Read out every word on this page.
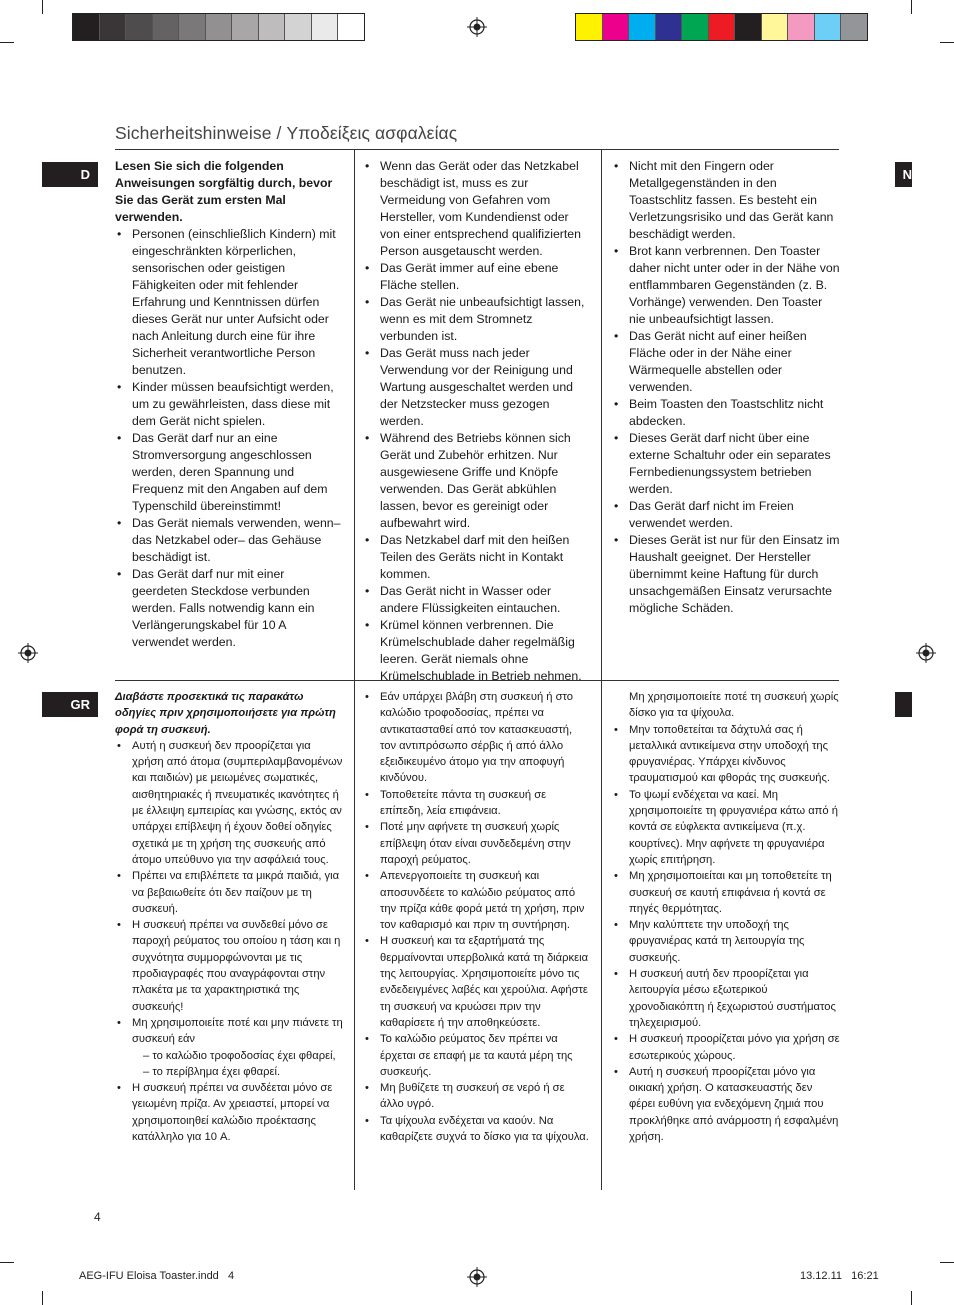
Sicherheitshinweise / Υποδείξεις ασφαλείας
D	N
GR

Lesen Sie sich die folgenden Anweisungen sorgfältig durch, bevor Sie das Gerät zum ersten Mal verwenden.

• Personen (einschließlich Kindern) mit eingeschränkten körperlichen, sensorischen oder geistigen Fähigkeiten oder mit fehlender Erfahrung und Kenntnissen dürfen dieses Gerät nur unter Aufsicht oder nach Anleitung durch eine für ihre Sicherheit verantwortliche Person benutzen.
• Kinder müssen beaufsichtigt werden, um zu gewährleisten, dass diese mit dem Gerät nicht spielen.
• Das Gerät darf nur an eine Stromversorgung angeschlossen werden, deren Spannung und Frequenz mit den Angaben auf dem Typenschild übereinstimmt!
• Das Gerät niemals verwenden, wenn– das Netzkabel oder– das Gehäuse beschädigt ist.
• Das Gerät darf nur mit einer geerdeten Steckdose verbunden werden. Falls notwendig kann ein Verlängerungskabel für 10 A verwendet werden.
• Wenn das Gerät oder das Netzkabel beschädigt ist, muss es zur Vermeidung von Gefahren vom Hersteller, vom Kundendienst oder von einer entsprechend qualifizierten Person ausgetauscht werden.
• Das Gerät immer auf eine ebene Fläche stellen.
• Das Gerät nie unbeaufsichtigt lassen, wenn es mit dem Stromnetz verbunden ist.
• Das Gerät muss nach jeder Verwendung vor der Reinigung und Wartung ausgeschaltet werden und der Netzstecker muss gezogen werden.
• Während des Betriebs können sich Gerät und Zubehör erhitzen. Nur ausgewiesene Griffe und Knöpfe verwenden. Das Gerät abkühlen lassen, bevor es gereinigt oder aufbewahrt wird.
• Das Netzkabel darf mit den heißen Teilen des Geräts nicht in Kontakt kommen.
• Das Gerät nicht in Wasser oder andere Flüssigkeiten eintauchen.
• Krümel können verbrennen. Die Krümelschublade daher regelmäßig leeren. Gerät niemals ohne Krümelschublade in Betrieb nehmen.
• Nicht mit den Fingern oder Metallgegenständen in den Toastschlitz fassen. Es besteht ein Verletzungsrisiko und das Gerät kann beschädigt werden.
• Brot kann verbrennen. Den Toaster daher nicht unter oder in der Nähe von entflammbaren Gegenständen (z. B. Vorhänge) verwenden. Den Toaster nie unbeaufsichtigt lassen.
• Das Gerät nicht auf einer heißen Fläche oder in der Nähe einer Wärmequelle abstellen oder verwenden.
• Beim Toasten den Toastschlitz nicht abdecken.
• Dieses Gerät darf nicht über eine externe Schaltuhr oder ein separates Fernbedienungssystem betrieben werden.
• Das Gerät darf nicht im Freien verwendet werden.
• Dieses Gerät ist nur für den Einsatz im Haushalt geeignet. Der Hersteller übernimmt keine Haftung für durch unsachgemäßen Einsatz verursachte mögliche Schäden.

Διαβάστε προσεκτικά τις παρακάτω οδηγίες πριν χρησιμοποιήσετε για πρώτη φορά τη συσκευή.

• Αυτή η συσκευή δεν προορίζεται για χρήση από άτομα (συμπεριλαμβανομένων και παιδιών) με μειωμένες σωματικές, αισθητηριακές ή πνευματικές ικανότητες ή με έλλειψη εμπειρίας και γνώσης, εκτός αν υπάρχει επίβλεψη ή έχουν δοθεί οδηγίες σχετικά με τη χρήση της συσκευής από άτομο υπεύθυνο για την ασφάλειά τους.
• Πρέπει να επιβλέπετε τα μικρά παιδιά, για να βεβαιωθείτε ότι δεν παίζουν με τη συσκευή.
• Η συσκευή πρέπει να συνδεθεί μόνο σε παροχή ρεύματος του οποίου η τάση και η συχνότητα συμμορφώνονται με τις προδιαγραφές που αναγράφονται στην πλακέτα με τα χαρακτηριστικά της συσκευής!
• Μη χρησιμοποιείτε ποτέ και μην πιάνετε τη συσκευή εάν
– το καλώδιο τροφοδοσίας έχει φθαρεί,
– το περίβλημα έχει φθαρεί.
• Η συσκευή πρέπει να συνδέεται μόνο σε γειωμένη πρίζα. Αν χρειαστεί, μπορεί να χρησιμοποιηθεί καλώδιο προέκτασης κατάλληλο για 10 A.
• Εάν υπάρχει βλάβη στη συσκευή ή στο καλώδιο τροφοδοσίας, πρέπει να αντικατασταθεί από τον κατασκευαστή, τον αντιπρόσωπο σέρβις ή από άλλο εξειδικευμένο άτομο για την αποφυγή κινδύνου.
• Τοποθετείτε πάντα τη συσκευή σε επίπεδη, λεία επιφάνεια.
• Ποτέ μην αφήνετε τη συσκευή χωρίς επίβλεψη όταν είναι συνδεδεμένη στην παροχή ρεύματος.
• Απενεργοποιείτε τη συσκευή και αποσυνδέετε το καλώδιο ρεύματος από την πρίζα κάθε φορά μετά τη χρήση, πριν τον καθαρισμό και πριν τη συντήρηση.
• Η συσκευή και τα εξαρτήματά της θερμαίνονται υπερβολικά κατά τη διάρκεια της λειτουργίας. Χρησιμοποιείτε μόνο τις ενδεδειγμένες λαβές και χερούλια. Αφήστε τη συσκευή να κρυώσει πριν την καθαρίσετε ή την αποθηκεύσετε.
• Το καλώδιο ρεύματος δεν πρέπει να έρχεται σε επαφή με τα καυτά μέρη της συσκευής.
• Μη βυθίζετε τη συσκευή σε νερό ή σε άλλο υγρό.
• Τα ψίχουλα ενδέχεται να καούν. Να καθαρίζετε συχνά το δίσκο για τα ψίχουλα.

Μη χρησιμοποιείτε ποτέ τη συσκευή χωρίς δίσκο για τα ψίχουλα.

• Μην τοποθετείται τα δάχτυλά σας ή μεταλλικά αντικείμενα στην υποδοχή της φρυγανιέρας. Υπάρχει κίνδυνος τραυματισμού και φθοράς της συσκευής.
• Το ψωμί ενδέχεται να καεί. Μη χρησιμοποιείτε τη φρυγανιέρα κάτω από ή κοντά σε εύφλεκτα αντικείμενα (π.χ. κουρτίνες). Μην αφήνετε τη φρυγανιέρα χωρίς επιτήρηση.
• Μη χρησιμοποιείται και μη τοποθετείτε τη συσκευή σε καυτή επιφάνεια ή κοντά σε πηγές θερμότητας.
• Μην καλύπτετε την υποδοχή της φρυγανιέρας κατά τη λειτουργία της συσκευής.
• Η συσκευή αυτή δεν προορίζεται για λειτουργία μέσω εξωτερικού χρονοδιακόπτη ή ξεχωριστού συστήματος τηλεχειρισμού.
• Η συσκευή προορίζεται μόνο για χρήση σε εσωτερικούς χώρους.
• Αυτή η συσκευή προορίζεται μόνο για οικιακή χρήση. Ο κατασκευαστής δεν φέρει ευθύνη για ενδεχόμενη ζημιά που προκλήθηκε από ανάρμοστη ή εσφαλμένη χρήση.
4
AEG-IFU Eloisa Toaster.indd   4	13.12.11   16:21
